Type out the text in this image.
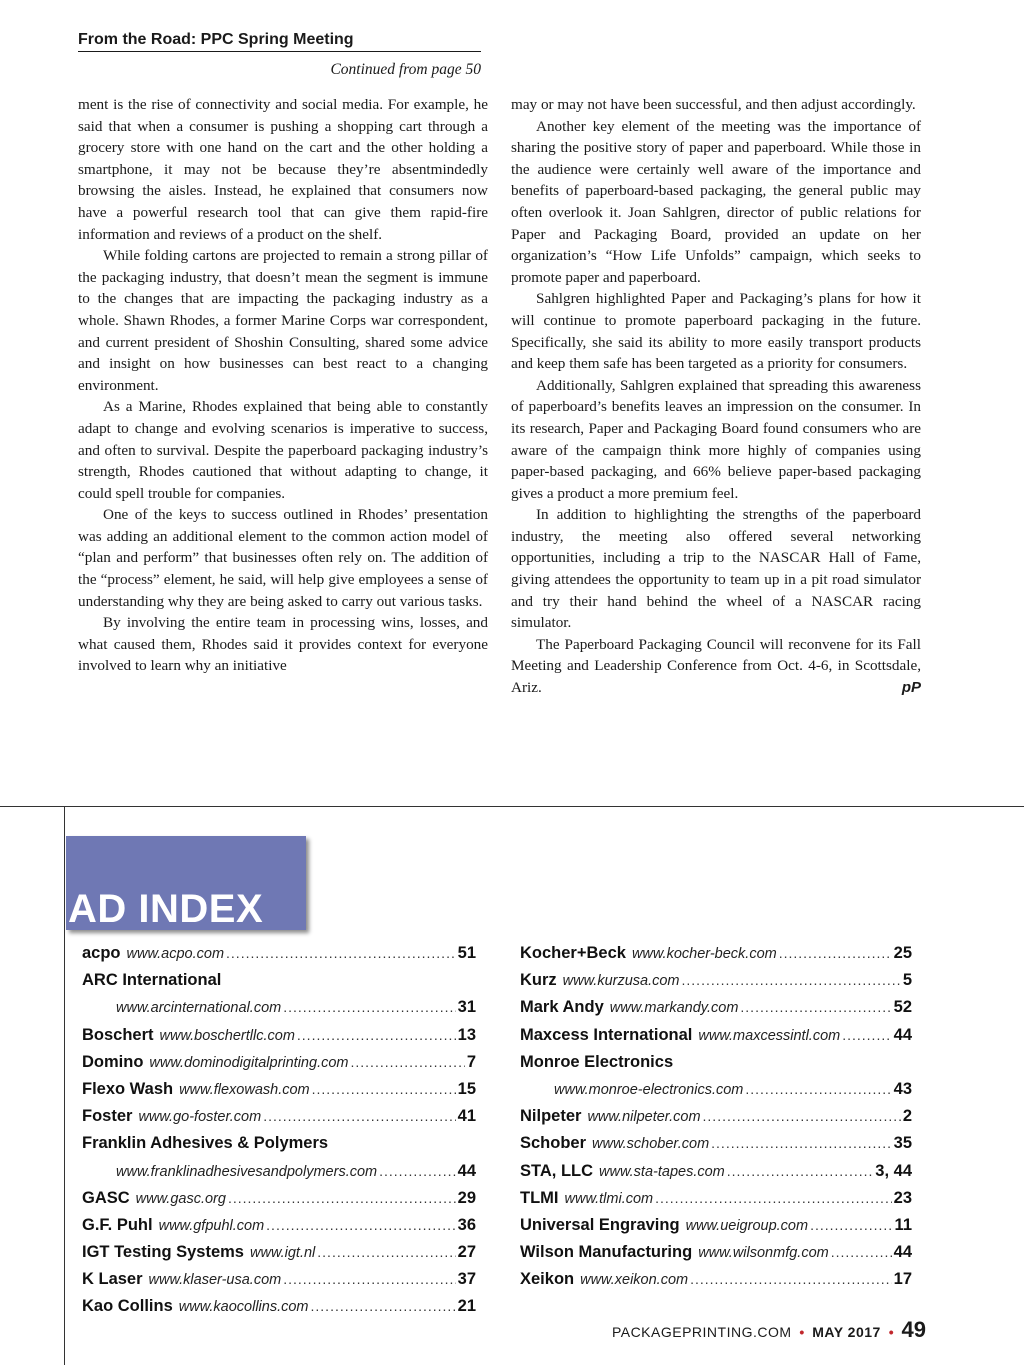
From the Road: PPC Spring Meeting
Continued from page 50

ment is the rise of connectivity and social media. For example, he said that when a consumer is pushing a shopping cart through a grocery store with one hand on the cart and the other holding a smartphone, it may not be because they’re absentmindedly browsing the aisles. Instead, he explained that consumers now have a powerful research tool that can give them rapid-fire information and reviews of a product on the shelf.

While folding cartons are projected to remain a strong pillar of the packaging industry, that doesn’t mean the segment is immune to the changes that are impacting the packaging industry as a whole. Shawn Rhodes, a former Marine Corps war correspondent, and current president of Shoshin Consulting, shared some advice and insight on how businesses can best react to a changing environment.

As a Marine, Rhodes explained that being able to constantly adapt to change and evolving scenarios is imperative to success, and often to survival. Despite the paperboard packaging industry’s strength, Rhodes cautioned that without adapting to change, it could spell trouble for companies.

One of the keys to success outlined in Rhodes’ presentation was adding an additional element to the common action model of “plan and perform” that businesses often rely on. The addition of the “process” element, he said, will help give employees a sense of understanding why they are being asked to carry out various tasks.

By involving the entire team in processing wins, losses, and what caused them, Rhodes said it provides context for everyone involved to learn why an initiative

may or may not have been successful, and then adjust accordingly.

Another key element of the meeting was the importance of sharing the positive story of paper and paperboard. While those in the audience were certainly well aware of the importance and benefits of paperboard-based packaging, the general public may often overlook it. Joan Sahlgren, director of public relations for Paper and Packaging Board, provided an update on her organization’s “How Life Unfolds” campaign, which seeks to promote paper and paperboard.

Sahlgren highlighted Paper and Packaging’s plans for how it will continue to promote paperboard packaging in the future. Specifically, she said its ability to more easily transport products and keep them safe has been targeted as a priority for consumers.

Additionally, Sahlgren explained that spreading this awareness of paperboard’s benefits leaves an impression on the consumer. In its research, Paper and Packaging Board found consumers who are aware of the campaign think more highly of companies using paper-based packaging, and 66% believe paper-based packaging gives a product a more premium feel.

In addition to highlighting the strengths of the paperboard industry, the meeting also offered several networking opportunities, including a trip to the NASCAR Hall of Fame, giving attendees the opportunity to team up in a pit road simulator and try their hand behind the wheel of a NASCAR racing simulator.

The Paperboard Packaging Council will reconvene for its Fall Meeting and Leadership Conference from Oct. 4-6, in Scottsdale, Ariz.	pP

AD INDEX
acpo www.acpo.com .....	51
ARC International
www.arcinternational.com .....	31
Boschert www.boschertllc.com .....	13
Domino www.dominodigitalprinting.com .....	7
Flexo Wash www.flexowash.com .....	15
Foster www.go-foster.com .....	41
Franklin Adhesives & Polymers
www.franklinadhesivesandpolymers.com .....	44
GASC www.gasc.org .....	29
G.F. Puhl www.gfpuhl.com .....	36
IGT Testing Systems www.igt.nl .....	27
K Laser www.klaser-usa.com .....	37
Kao Collins www.kaocollins.com .....	21
Kocher+Beck www.kocher-beck.com .....	25
Kurz www.kurzusa.com .....	5
Mark Andy www.markandy.com .....	52
Maxcess International www.maxcessintl.com .....	44
Monroe Electronics
www.monroe-electronics.com .....	43
Nilpeter www.nilpeter.com .....	2
Schober www.schober.com .....	35
STA, LLC www.sta-tapes.com .....	3, 44
TLMI www.tlmi.com .....	23
Universal Engraving www.ueigroup.com .....	11
Wilson Manufacturing www.wilsonmfg.com .....	44
Xeikon www.xeikon.com .....	17
PACKAGEPRINTING.COM • MAY 2017 • 49
